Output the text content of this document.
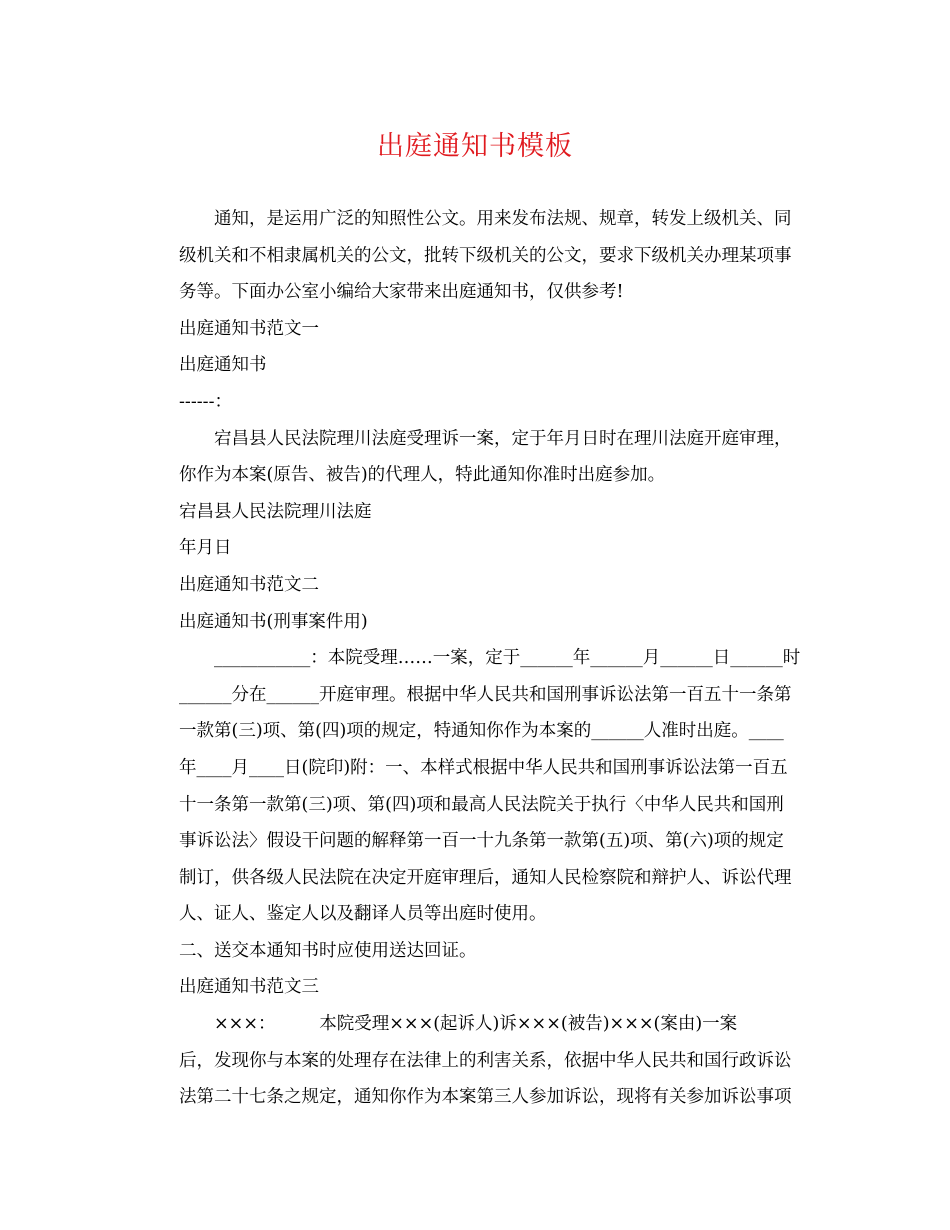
出庭通知书模板

通知，是运用广泛的知照性公文。用来发布法规、规章，转发上级机关、同
级机关和不相隶属机关的公文，批转下级机关的公文，要求下级机关办理某项事
务等。下面办公室小编给大家带来出庭通知书，仅供参考!

出庭通知书范文一

出庭通知书

------：

宕昌县人民法院理川法庭受理诉一案，定于年月日时在理川法庭开庭审理，
你作为本案(原告、被告)的代理人，特此通知你准时出庭参加。

宕昌县人民法院理川法庭

年月日

出庭通知书范文二

出庭通知书(刑事案件用)

___________：本院受理……一案，定于______年______月______日______时
______分在______开庭审理。根据中华人民共和国刑事诉讼法第一百五十一条第
一款第(三)项、第(四)项的规定，特通知你作为本案的______人准时出庭。____
年____月____日(院印)附：一、本样式根据中华人民共和国刑事诉讼法第一百五
十一条第一款第(三)项、第(四)项和最高人民法院关于执行〈中华人民共和国刑
事诉讼法〉假设干问题的解释第一百一十九条第一款第(五)项、第(六)项的规定
制订，供各级人民法院在决定开庭审理后，通知人民检察院和辩护人、诉讼代理
人、证人、鉴定人以及翻译人员等出庭时使用。

二、送交本通知书时应使用送达回证。

出庭通知书范文三

×××：　　　本院受理×××(起诉人)诉×××(被告)×××(案由)一案
后，发现你与本案的处理存在法律上的利害关系，依据中华人民共和国行政诉讼
法第二十七条之规定，通知你作为本案第三人参加诉讼，现将有关参加诉讼事项
